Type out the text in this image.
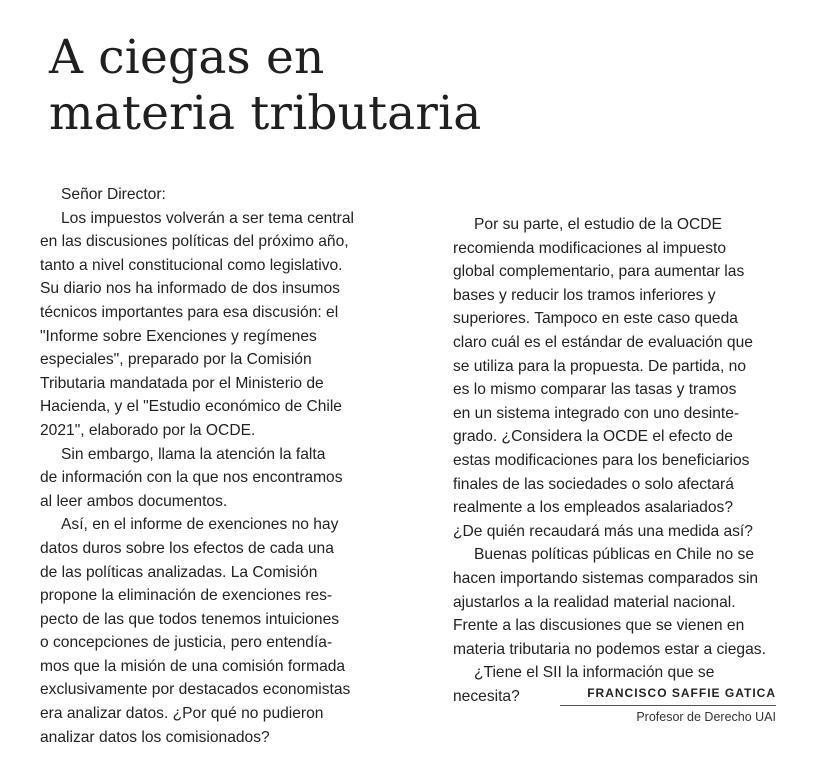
A ciegas en
materia tributaria
Señor Director:
Los impuestos volverán a ser tema central
en las discusiones políticas del próximo año,
tanto a nivel constitucional como legislativo.
Su diario nos ha informado de dos insumos
técnicos importantes para esa discusión: el
"Informe sobre Exenciones y regímenes
especiales", preparado por la Comisión
Tributaria mandatada por el Ministerio de
Hacienda, y el "Estudio económico de Chile
2021", elaborado por la OCDE.
Sin embargo, llama la atención la falta
de información con la que nos encontramos
al leer ambos documentos.
Así, en el informe de exenciones no hay
datos duros sobre los efectos de cada una
de las políticas analizadas. La Comisión
propone la eliminación de exenciones res-
pecto de las que todos tenemos intuiciones
o concepciones de justicia, pero entendía-
mos que la misión de una comisión formada
exclusivamente por destacados economistas
era analizar datos. ¿Por qué no pudieron
analizar datos los comisionados?
Por su parte, el estudio de la OCDE
recomienda modificaciones al impuesto
global complementario, para aumentar las
bases y reducir los tramos inferiores y
superiores. Tampoco en este caso queda
claro cuál es el estándar de evaluación que
se utiliza para la propuesta. De partida, no
es lo mismo comparar las tasas y tramos
en un sistema integrado con uno desinte-
grado. ¿Considera la OCDE el efecto de
estas modificaciones para los beneficiarios
finales de las sociedades o solo afectará
realmente a los empleados asalariados?
¿De quién recaudará más una medida así?
Buenas políticas públicas en Chile no se
hacen importando sistemas comparados sin
ajustarlos a la realidad material nacional.
Frente a las discusiones que se vienen en
materia tributaria no podemos estar a ciegas.
¿Tiene el SII la información que se
necesita?	FRANCISCO SAFFIE GATICA
Profesor de Derecho UAI
